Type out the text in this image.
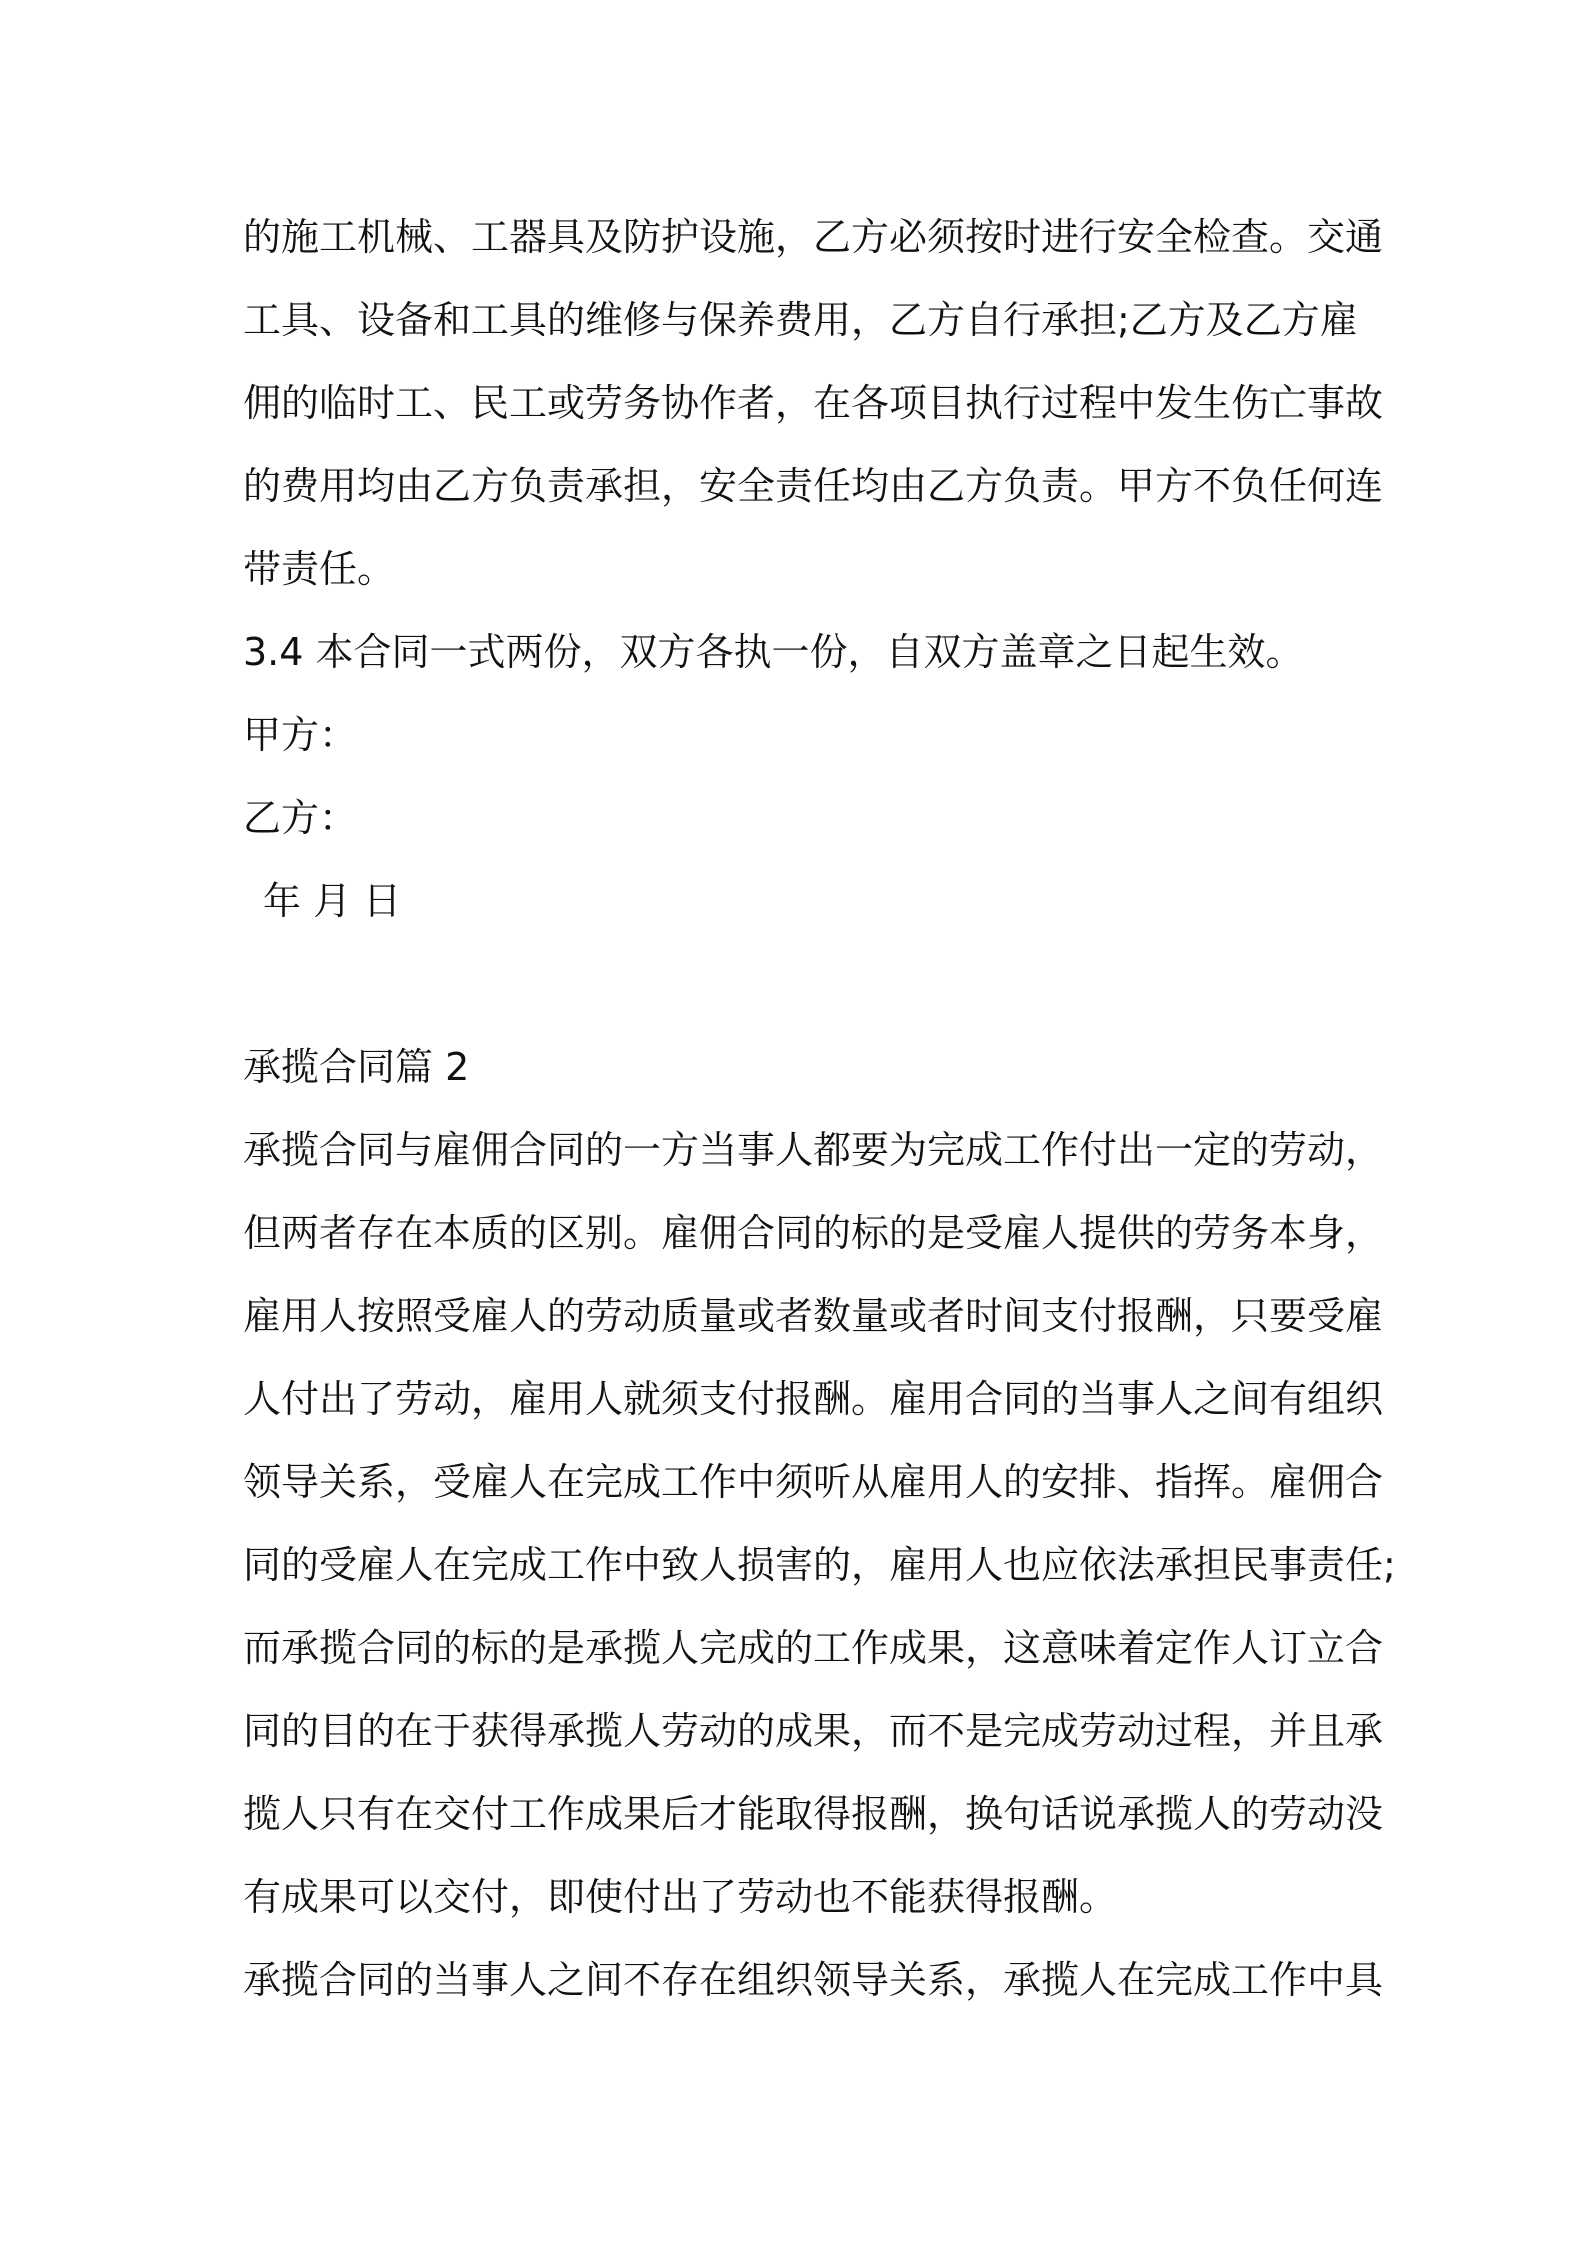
的施工机械、工器具及防护设施，乙方必须按时进行安全检查。交通
工具、设备和工具的维修与保养费用，乙方自行承担;乙方及乙方雇
佣的临时工、民工或劳务协作者，在各项目执行过程中发生伤亡事故
的费用均由乙方负责承担，安全责任均由乙方负责。甲方不负任何连
带责任。
3.4 本合同一式两份，双方各执一份，自双方盖章之日起生效。
甲方：
乙方：
年 月 日
承揽合同篇 2
承揽合同与雇佣合同的一方当事人都要为完成工作付出一定的劳动，
但两者存在本质的区别。雇佣合同的标的是受雇人提供的劳务本身，
雇用人按照受雇人的劳动质量或者数量或者时间支付报酬，只要受雇
人付出了劳动，雇用人就须支付报酬。雇用合同的当事人之间有组织
领导关系，受雇人在完成工作中须听从雇用人的安排、指挥。雇佣合
同的受雇人在完成工作中致人损害的，雇用人也应依法承担民事责任;
而承揽合同的标的是承揽人完成的工作成果，这意味着定作人订立合
同的目的在于获得承揽人劳动的成果，而不是完成劳动过程，并且承
揽人只有在交付工作成果后才能取得报酬，换句话说承揽人的劳动没
有成果可以交付，即使付出了劳动也不能获得报酬。
承揽合同的当事人之间不存在组织领导关系，承揽人在完成工作中具
